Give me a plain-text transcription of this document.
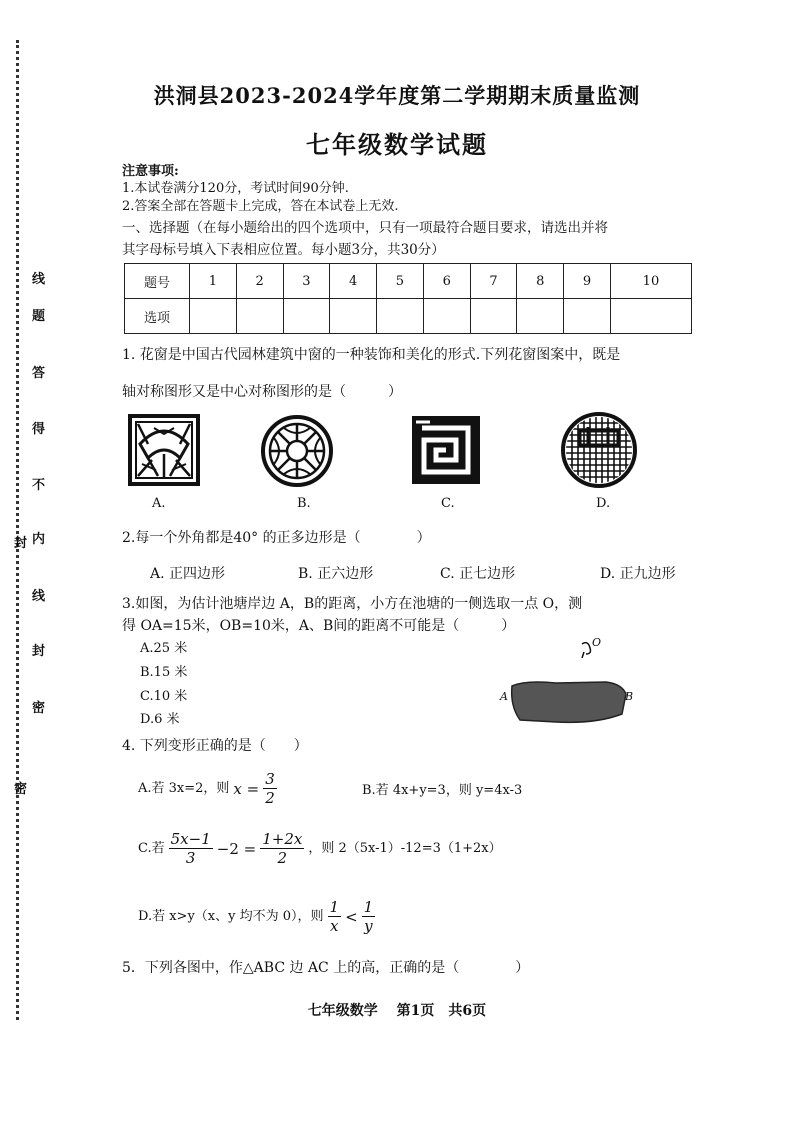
线
题
答
得
不
内
封
线
封
密
密
洪洞县2023-2024学年度第二学期期末质量监测
七年级数学试题
注意事项:
1.本试卷满分120分，考试时间90分钟.
2.答案全部在答题卡上完成，答在本试卷上无效.
一、选择题（在每小题给出的四个选项中，只有一项最符合题目要求，请选出并将
其字母标号填入下表相应位置。每小题3分，共30分）
题号	1	2	3	4	5	6	7	8	9	10
选项										
1. 花窗是中国古代园林建筑中窗的一种装饰和美化的形式.下列花窗图案中，既是
轴对称图形又是中心对称图形的是（　　　）
A.	B.	C.	D.
2.每一个外角都是40° 的正多边形是（　　　　）
A. 正四边形	B. 正六边形	C. 正七边形	D. 正九边形
3.如图，为估计池塘岸边 A，B的距离，小方在池塘的一侧选取一点 O，测
得 OA=15米，OB=10米，A、B间的距离不可能是（　　　）
A.25 米
B.15 米
C.10 米
D.6 米
O
A	B
4. 下列变形正确的是（　　）
A.若 3x=2，则 $x = \frac{3}{2}$	B.若 4x+y=3，则 y=4x-3
C.若 $\frac{5x-1}{3} -2 = \frac{1+2x}{2}$ ，则 2（5x-1）-12=3（1+2x）
D.若 x>y（x、y 均不为 0），则 $\frac{1}{x} < \frac{1}{y}$
5．下列各图中，作△ABC 边 AC 上的高，正确的是（　　　　）
七年级数学　 第1页　共6页
